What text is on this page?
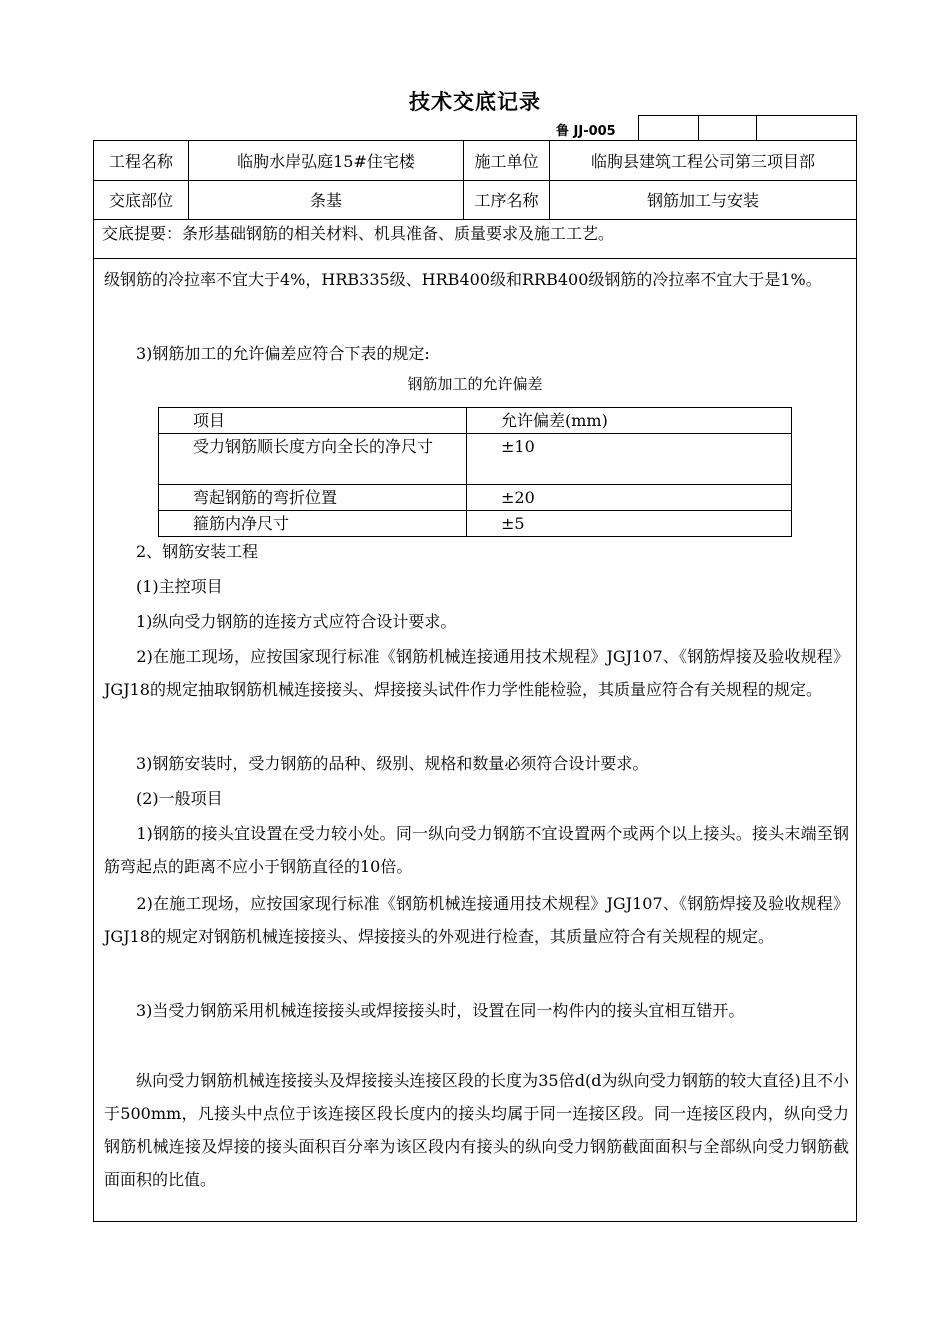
技术交底记录
鲁 JJ-005
工程名称	临朐水岸弘庭15#住宅楼	施工单位	临朐县建筑工程公司第三项目部
交底部位	条基	工序名称	钢筋加工与安装
交底提要：条形基础钢筋的相关材料、机具准备、质量要求及施工工艺。
级钢筋的冷拉率不宜大于4%，HRB335级、HRB400级和RRB400级钢筋的冷拉率不宜大于是1%。
　　3)钢筋加工的允许偏差应符合下表的规定:
钢筋加工的允许偏差
　　项目	　　允许偏差(mm)
　　受力钢筋顺长度方向全长的净尺寸	　　±10
　　弯起钢筋的弯折位置	　　±20
　　箍筋内净尺寸	　　±5
　　2、钢筋安装工程
　　(1)主控项目
　　1)纵向受力钢筋的连接方式应符合设计要求。
　　2)在施工现场，应按国家现行标准《钢筋机械连接通用技术规程》JGJ107、《钢筋焊接及验收规程》JGJ18的规定抽取钢筋机械连接接头、焊接接头试件作力学性能检验，其质量应符合有关规程的规定。
　　3)钢筋安装时，受力钢筋的品种、级别、规格和数量必须符合设计要求。
　　(2)一般项目
　　1)钢筋的接头宜设置在受力较小处。同一纵向受力钢筋不宜设置两个或两个以上接头。接头末端至钢筋弯起点的距离不应小于钢筋直径的10倍。
　　2)在施工现场，应按国家现行标准《钢筋机械连接通用技术规程》JGJ107、《钢筋焊接及验收规程》JGJ18的规定对钢筋机械连接接头、焊接接头的外观进行检查，其质量应符合有关规程的规定。
　　3)当受力钢筋采用机械连接接头或焊接接头时，设置在同一构件内的接头宜相互错开。
　　纵向受力钢筋机械连接接头及焊接接头连接区段的长度为35倍d(d为纵向受力钢筋的较大直径)且不小于500mm，凡接头中点位于该连接区段长度内的接头均属于同一连接区段。同一连接区段内，纵向受力钢筋机械连接及焊接的接头面积百分率为该区段内有接头的纵向受力钢筋截面面积与全部纵向受力钢筋截面面积的比值。
